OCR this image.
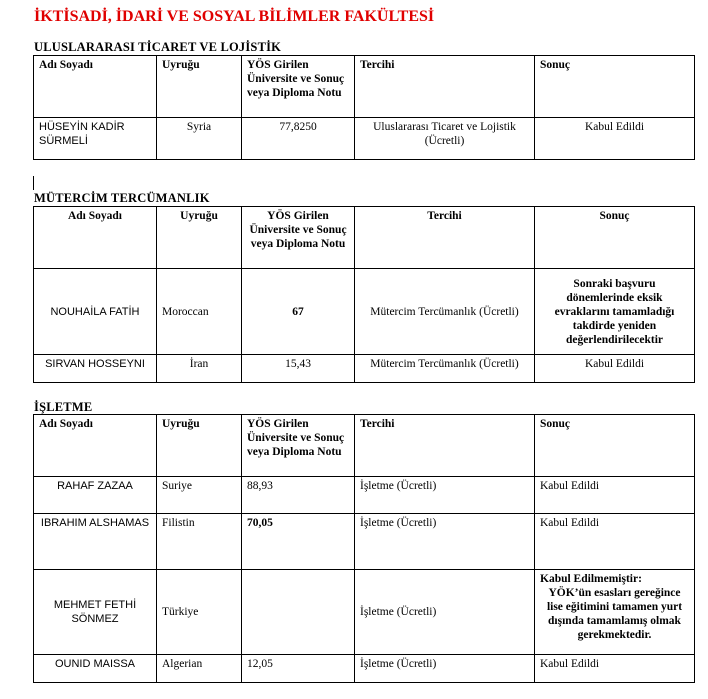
İKTİSADİ, İDARİ VE SOSYAL BİLİMLER FAKÜLTESİ
ULUSLARARASI TİCARET VE LOJİSTİK
Adı Soyadı	Uyruğu	YÖS Girilen Üniversite ve Sonuç veya Diploma Notu	Tercihi	Sonuç
HÜSEYİN KADİR SÜRMELİ	Syria	77,8250	Uluslararası Ticaret ve Lojistik (Ücretli)	Kabul Edildi
MÜTERCİM TERCÜMANLIK
Adı Soyadı	Uyruğu	YÖS Girilen Üniversite ve Sonuç veya Diploma Notu	Tercihi	Sonuç
NOUHAİLA FATİH	Moroccan	67	Mütercim Tercümanlık (Ücretli)	Sonraki başvuru dönemlerinde eksik evraklarını tamamladığı takdirde yeniden değerlendirilecektir
SIRVAN HOSSEYNI	İran	15,43	Mütercim Tercümanlık (Ücretli)	Kabul Edildi
İŞLETME
Adı Soyadı	Uyruğu	YÖS Girilen Üniversite ve Sonuç veya Diploma Notu	Tercihi	Sonuç
RAHAF ZAZAA	Suriye	88,93	İşletme (Ücretli)	Kabul Edildi
IBRAHIM ALSHAMAS	Filistin	70,05	İşletme (Ücretli)	Kabul Edildi
MEHMET FETHİ SÖNMEZ	Türkiye		İşletme (Ücretli)	Kabul Edilmemiştir:
YÖK’ün esasları gereğince lise eğitimini tamamen yurt dışında tamamlamış olmak gerekmektedir.

OUNID MAISSA	Algerian	12,05	İşletme (Ücretli)	Kabul Edildi
